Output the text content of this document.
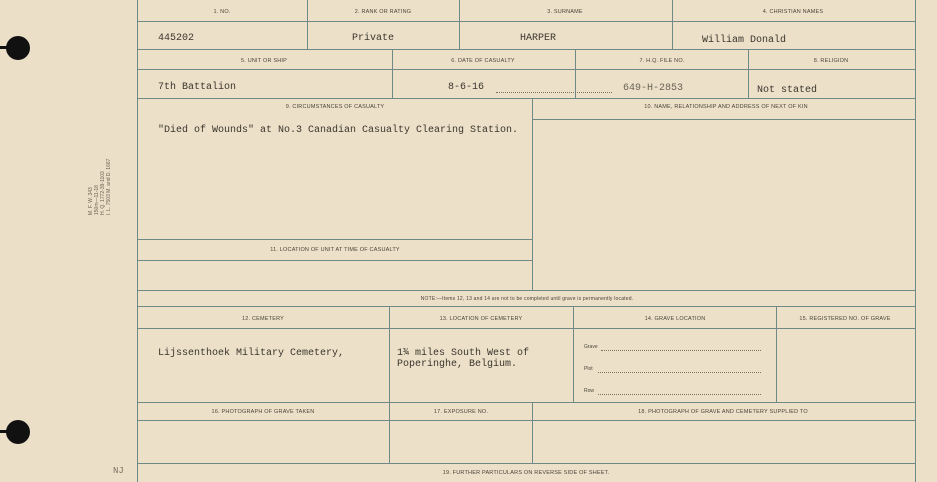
M. F. W. 343
150m—11-18
H. Q. 1772-39-1103
I. L. 7503 M. and D. 1667
NJ
1. NO.	2. RANK OR RATING	3. SURNAME	4. CHRISTIAN NAMES
445202	Private	HARPER	William Donald
5. UNIT OR SHIP	6. DATE OF CASUALTY	7. H.Q. FILE NO.	8. RELIGION
7th Battalion	8-6-16	649-H-2853	Not stated
9. CIRCUMSTANCES OF CASUALTY	10. NAME, RELATIONSHIP AND ADDRESS OF NEXT OF KIN
"Died of Wounds" at No.3 Canadian Casualty Clearing Station.
11. LOCATION OF UNIT AT TIME OF CASUALTY
NOTE:—Items 12, 13 and 14 are not to be completed until grave is permanently located.
12. CEMETERY	13. LOCATION OF CEMETERY	14. GRAVE LOCATION	15. REGISTERED NO. OF GRAVE
Lijssenthoek Military Cemetery,	1¾ miles South West of
Poperinghe, Belgium.
Grave
Plot
Row
16. PHOTOGRAPH OF GRAVE TAKEN	17. EXPOSURE NO.	18. PHOTOGRAPH OF GRAVE AND CEMETERY SUPPLIED TO
19. FURTHER PARTICULARS ON REVERSE SIDE OF SHEET.
